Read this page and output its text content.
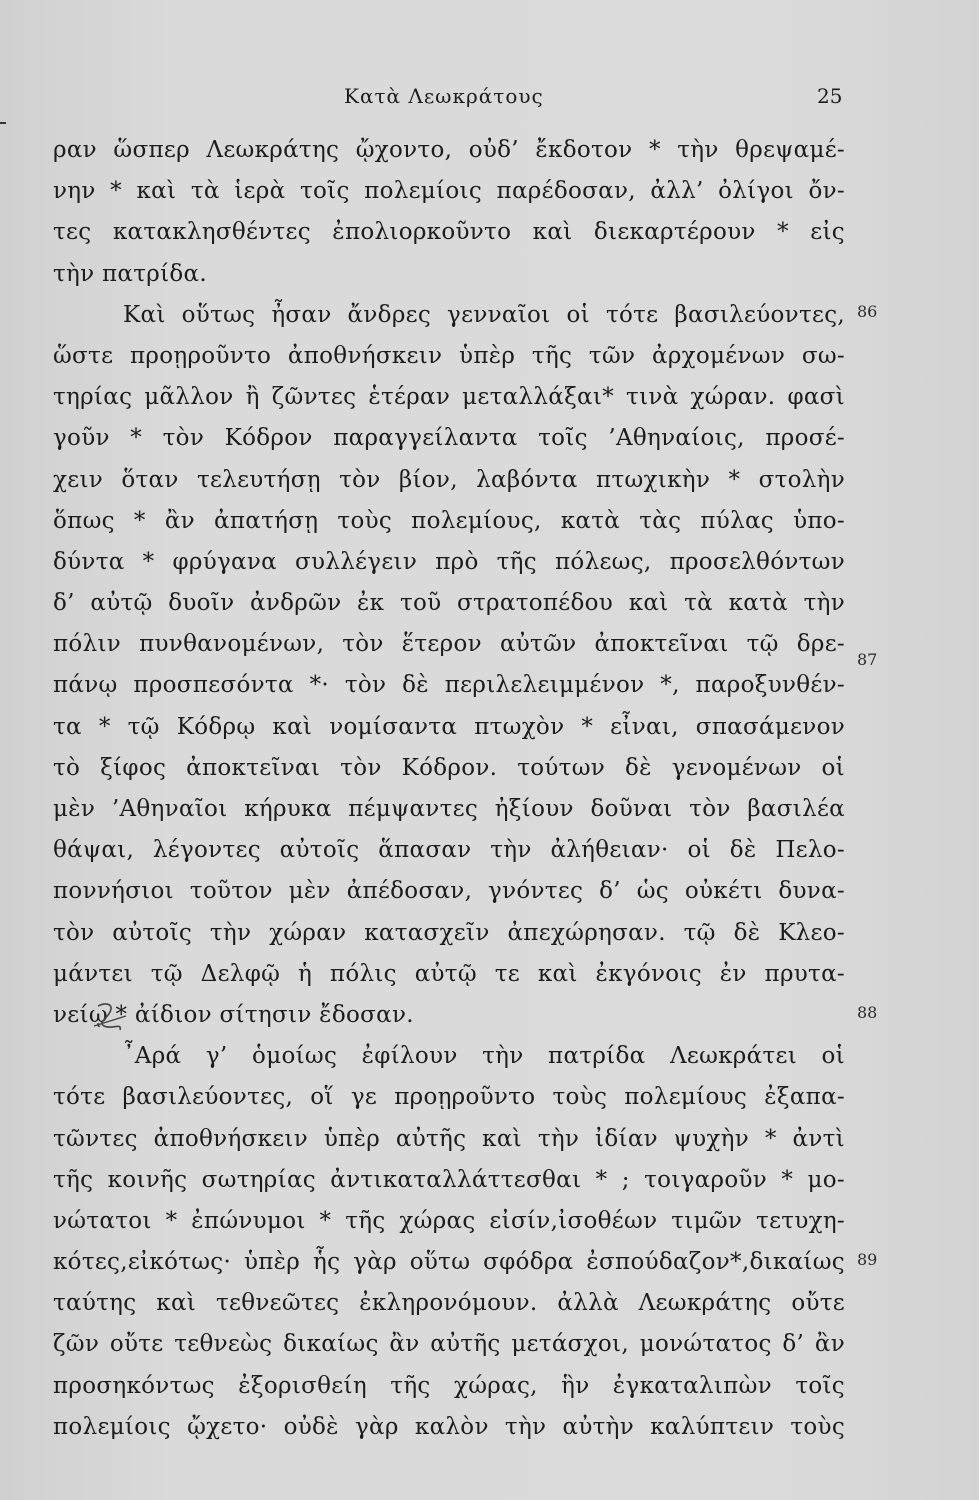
Κατὰ Λεωκράτους	25
ραν ὥσπερ Λεωκράτης ᾤχοντο, οὐδ’ ἔκδοτον * τὴν θρεψαμέ-
νην * καὶ τὰ ἱερὰ τοῖς πολεμίοις παρέδοσαν, ἀλλ’ ὀλίγοι ὄν-
τες κατακλησθέντες ἐπολιορκοῦντο καὶ διεκαρτέρουν * εἰς
τὴν πατρίδα.
Καὶ οὕτως ἦσαν ἄνδρες γενναῖοι οἱ τότε βασιλεύοντες,
ὥστε προῃροῦντο ἀποθνήσκειν ὑπὲρ τῆς τῶν ἀρχομένων σω-
τηρίας μᾶλλον ἢ ζῶντες ἑτέραν μεταλλάξαι* τινὰ χώραν. φασὶ
γοῦν * τὸν Κόδρον παραγγείλαντα τοῖς ’Αθηναίοις, προσέ-
χειν ὅταν τελευτήσῃ τὸν βίον, λαβόντα πτωχικὴν * στολὴν
ὅπως * ἂν ἀπατήσῃ τοὺς πολεμίους, κατὰ τὰς πύλας ὑπο-
δύντα * φρύγανα συλλέγειν πρὸ τῆς πόλεως, προσελθόντων
δ’ αὐτῷ δυοῖν ἀνδρῶν ἐκ τοῦ στρατοπέδου καὶ τὰ κατὰ τὴν
πόλιν πυνθανομένων, τὸν ἕτερον αὐτῶν ἀποκτεῖναι τῷ δρε-
πάνῳ προσπεσόντα *· τὸν δὲ περιλελειμμένον *, παροξυνθέν-
τα * τῷ Κόδρῳ καὶ νομίσαντα πτωχὸν * εἶναι, σπασάμενον
τὸ ξίφος ἀποκτεῖναι τὸν Κόδρον. τούτων δὲ γενομένων οἱ
μὲν ’Αθηναῖοι κήρυκα πέμψαντες ἠξίουν δοῦναι τὸν βασιλέα
θάψαι, λέγοντες αὐτοῖς ἅπασαν τὴν ἀλήθειαν· οἱ δὲ Πελο-
ποννήσιοι τοῦτον μὲν ἀπέδοσαν, γνόντες δ’ ὡς οὐκέτι δυνα-
τὸν αὐτοῖς τὴν χώραν κατασχεῖν ἀπεχώρησαν. τῷ δὲ Κλεο-
μάντει τῷ Δελφῷ ἡ πόλις αὐτῷ τε καὶ ἐκγόνοις ἐν πρυτα-
νείῳ * ἀίδιον σίτησιν ἔδοσαν.
῏Αρά γ’ ὁμοίως ἐφίλουν τὴν πατρίδα Λεωκράτει οἱ
τότε βασιλεύοντες, οἵ γε προῃροῦντο τοὺς πολεμίους ἐξαπα-
τῶντες ἀποθνήσκειν ὑπὲρ αὐτῆς καὶ τὴν ἰδίαν ψυχὴν * ἀντὶ
τῆς κοινῆς σωτηρίας ἀντικαταλλάττεσθαι * ; τοιγαροῦν * μο-
νώτατοι * ἐπώνυμοι * τῆς χώρας εἰσίν,ἰσοθέων τιμῶν τετυχη-
κότες,εἰκότως· ὑπὲρ ἧς γὰρ οὕτω σφόδρα ἐσπούδαζον*,δικαίως
ταύτης καὶ τεθνεῶτες ἐκληρονόμουν. ἀλλὰ Λεωκράτης οὔτε
ζῶν οὔτε τεθνεὼς δικαίως ἂν αὐτῆς μετάσχοι, μονώτατος δ’ ἂν
προσηκόντως ἐξορισθείη τῆς χώρας, ἣν ἐγκαταλιπὼν τοῖς
πολεμίοις ᾤχετο· οὐδὲ γὰρ καλὸν τὴν αὐτὴν καλύπτειν τοὺς
86
87
88
89
